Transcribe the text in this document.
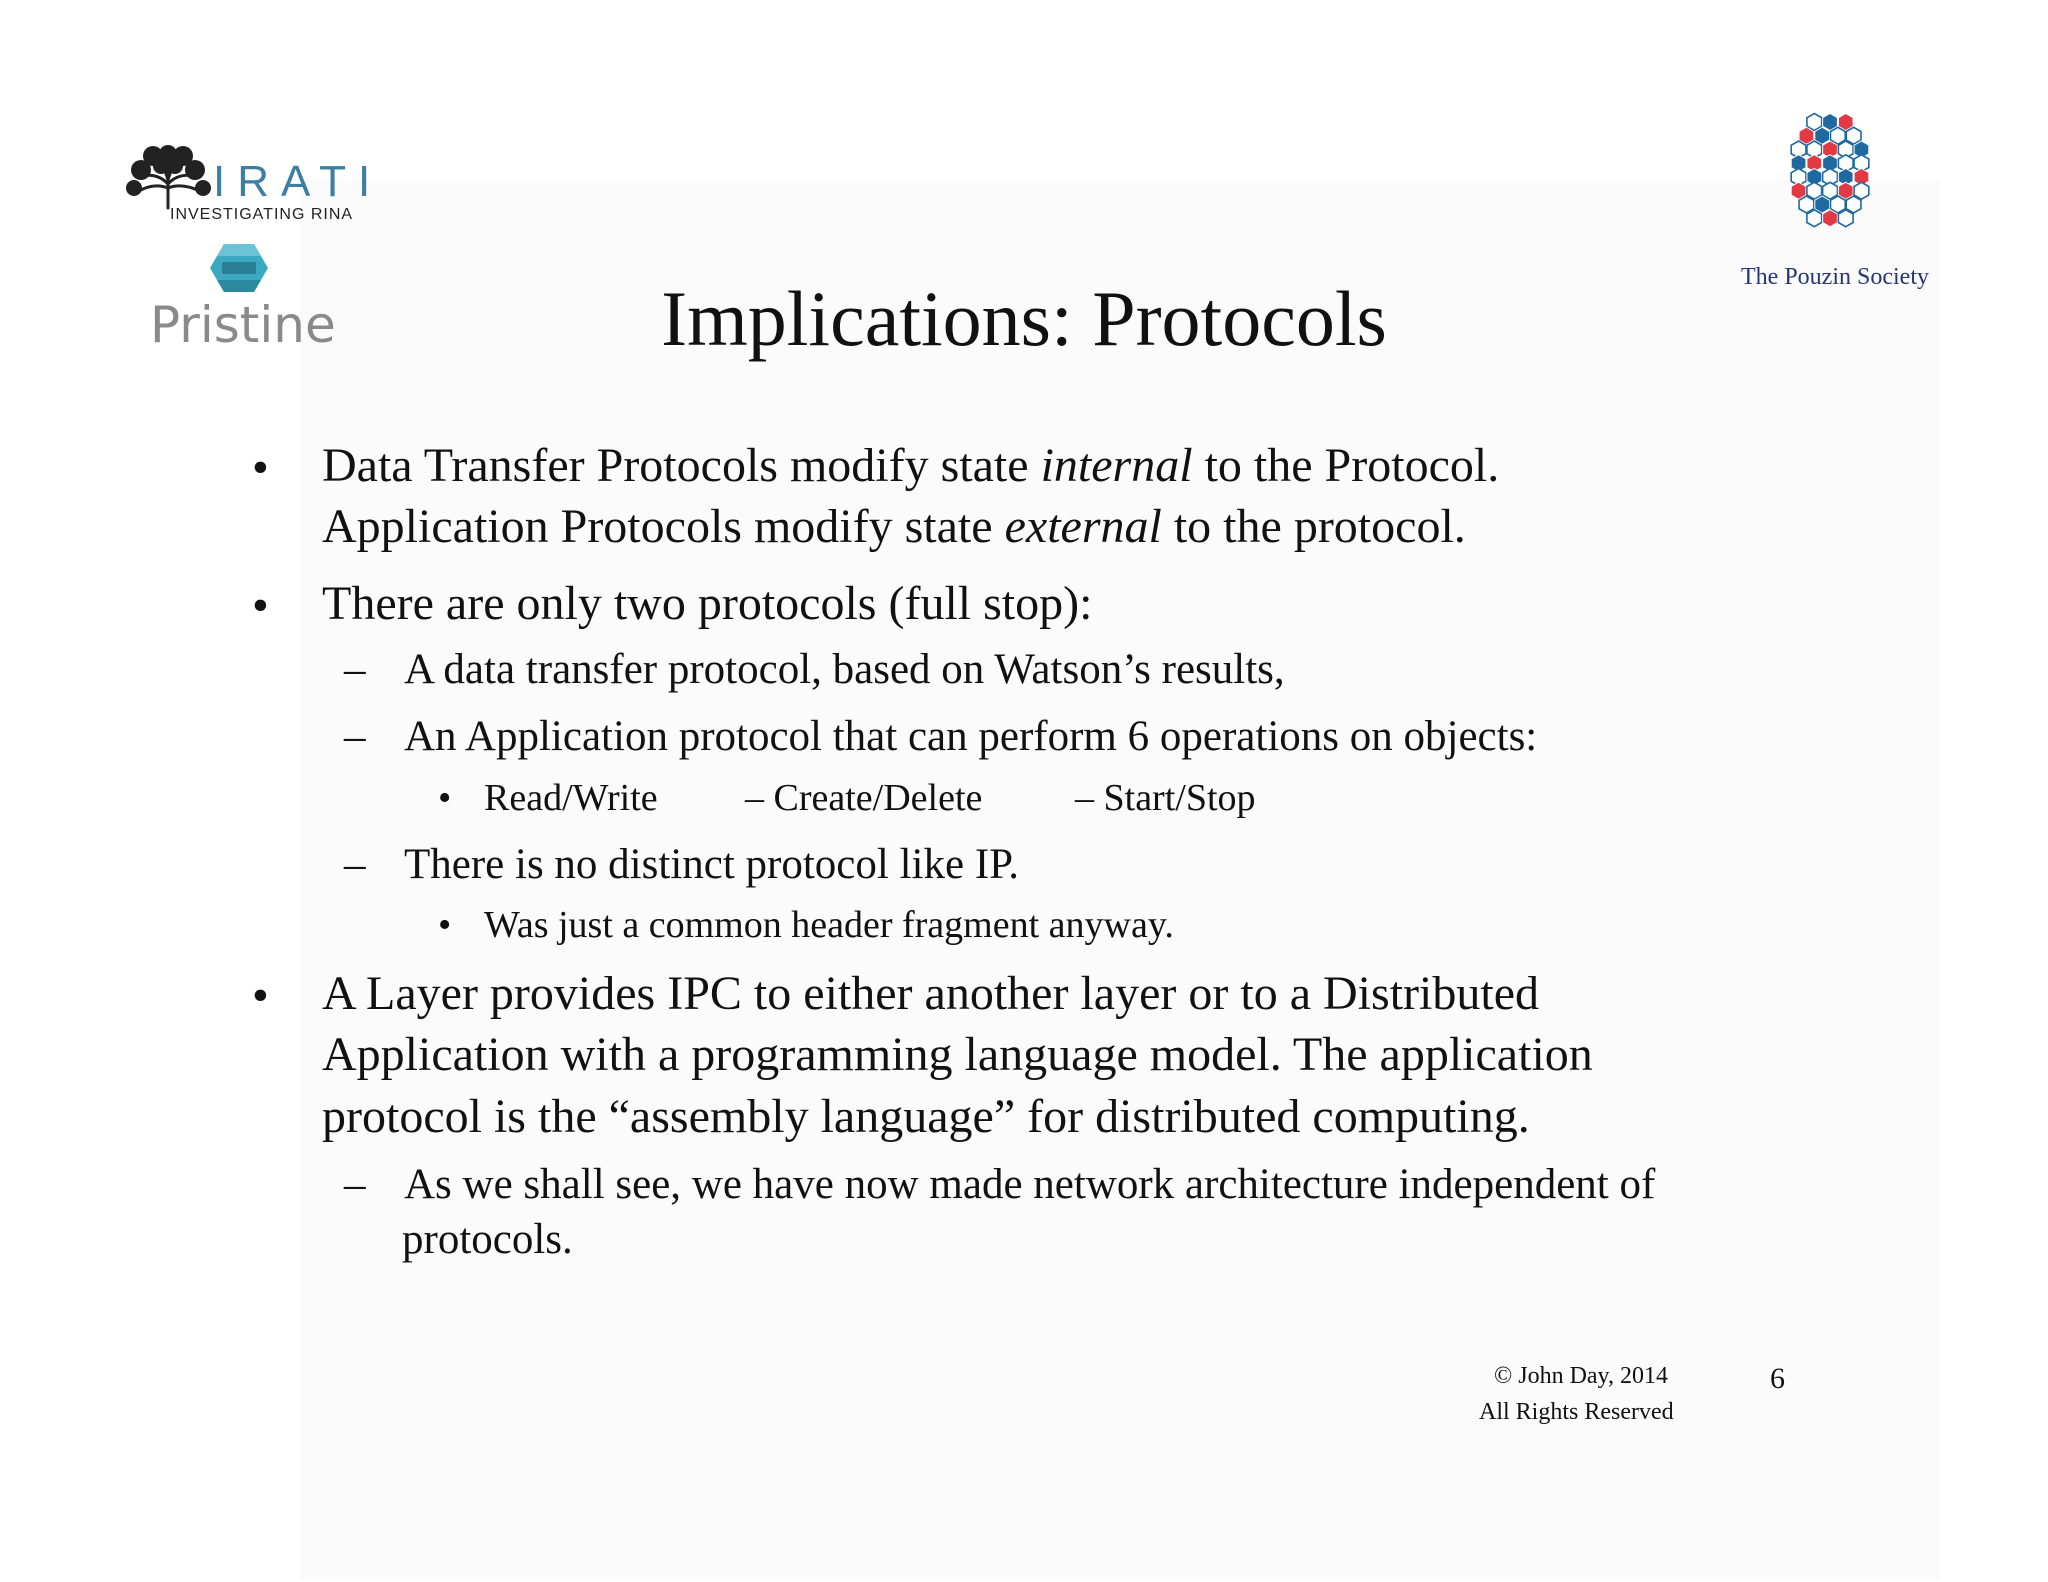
IRATI
INVESTIGATING RINA
Pristine
The Pouzin Society
Implications: Protocols
• Data Transfer Protocols modify state internal to the Protocol.
Application Protocols modify state external to the protocol.
• There are only two protocols (full stop):
– A data transfer protocol, based on Watson’s results,
– An Application protocol that can perform 6 operations on objects:
• Read/Write – Create/Delete – Start/Stop
– There is no distinct protocol like IP.
• Was just a common header fragment anyway.
• A Layer provides IPC to either another layer or to a Distributed
Application with a programming language model. The application
protocol is the “assembly language” for distributed computing.
– As we shall see, we have now made network architecture independent of
protocols.
© John Day, 2014
All Rights Reserved
6
